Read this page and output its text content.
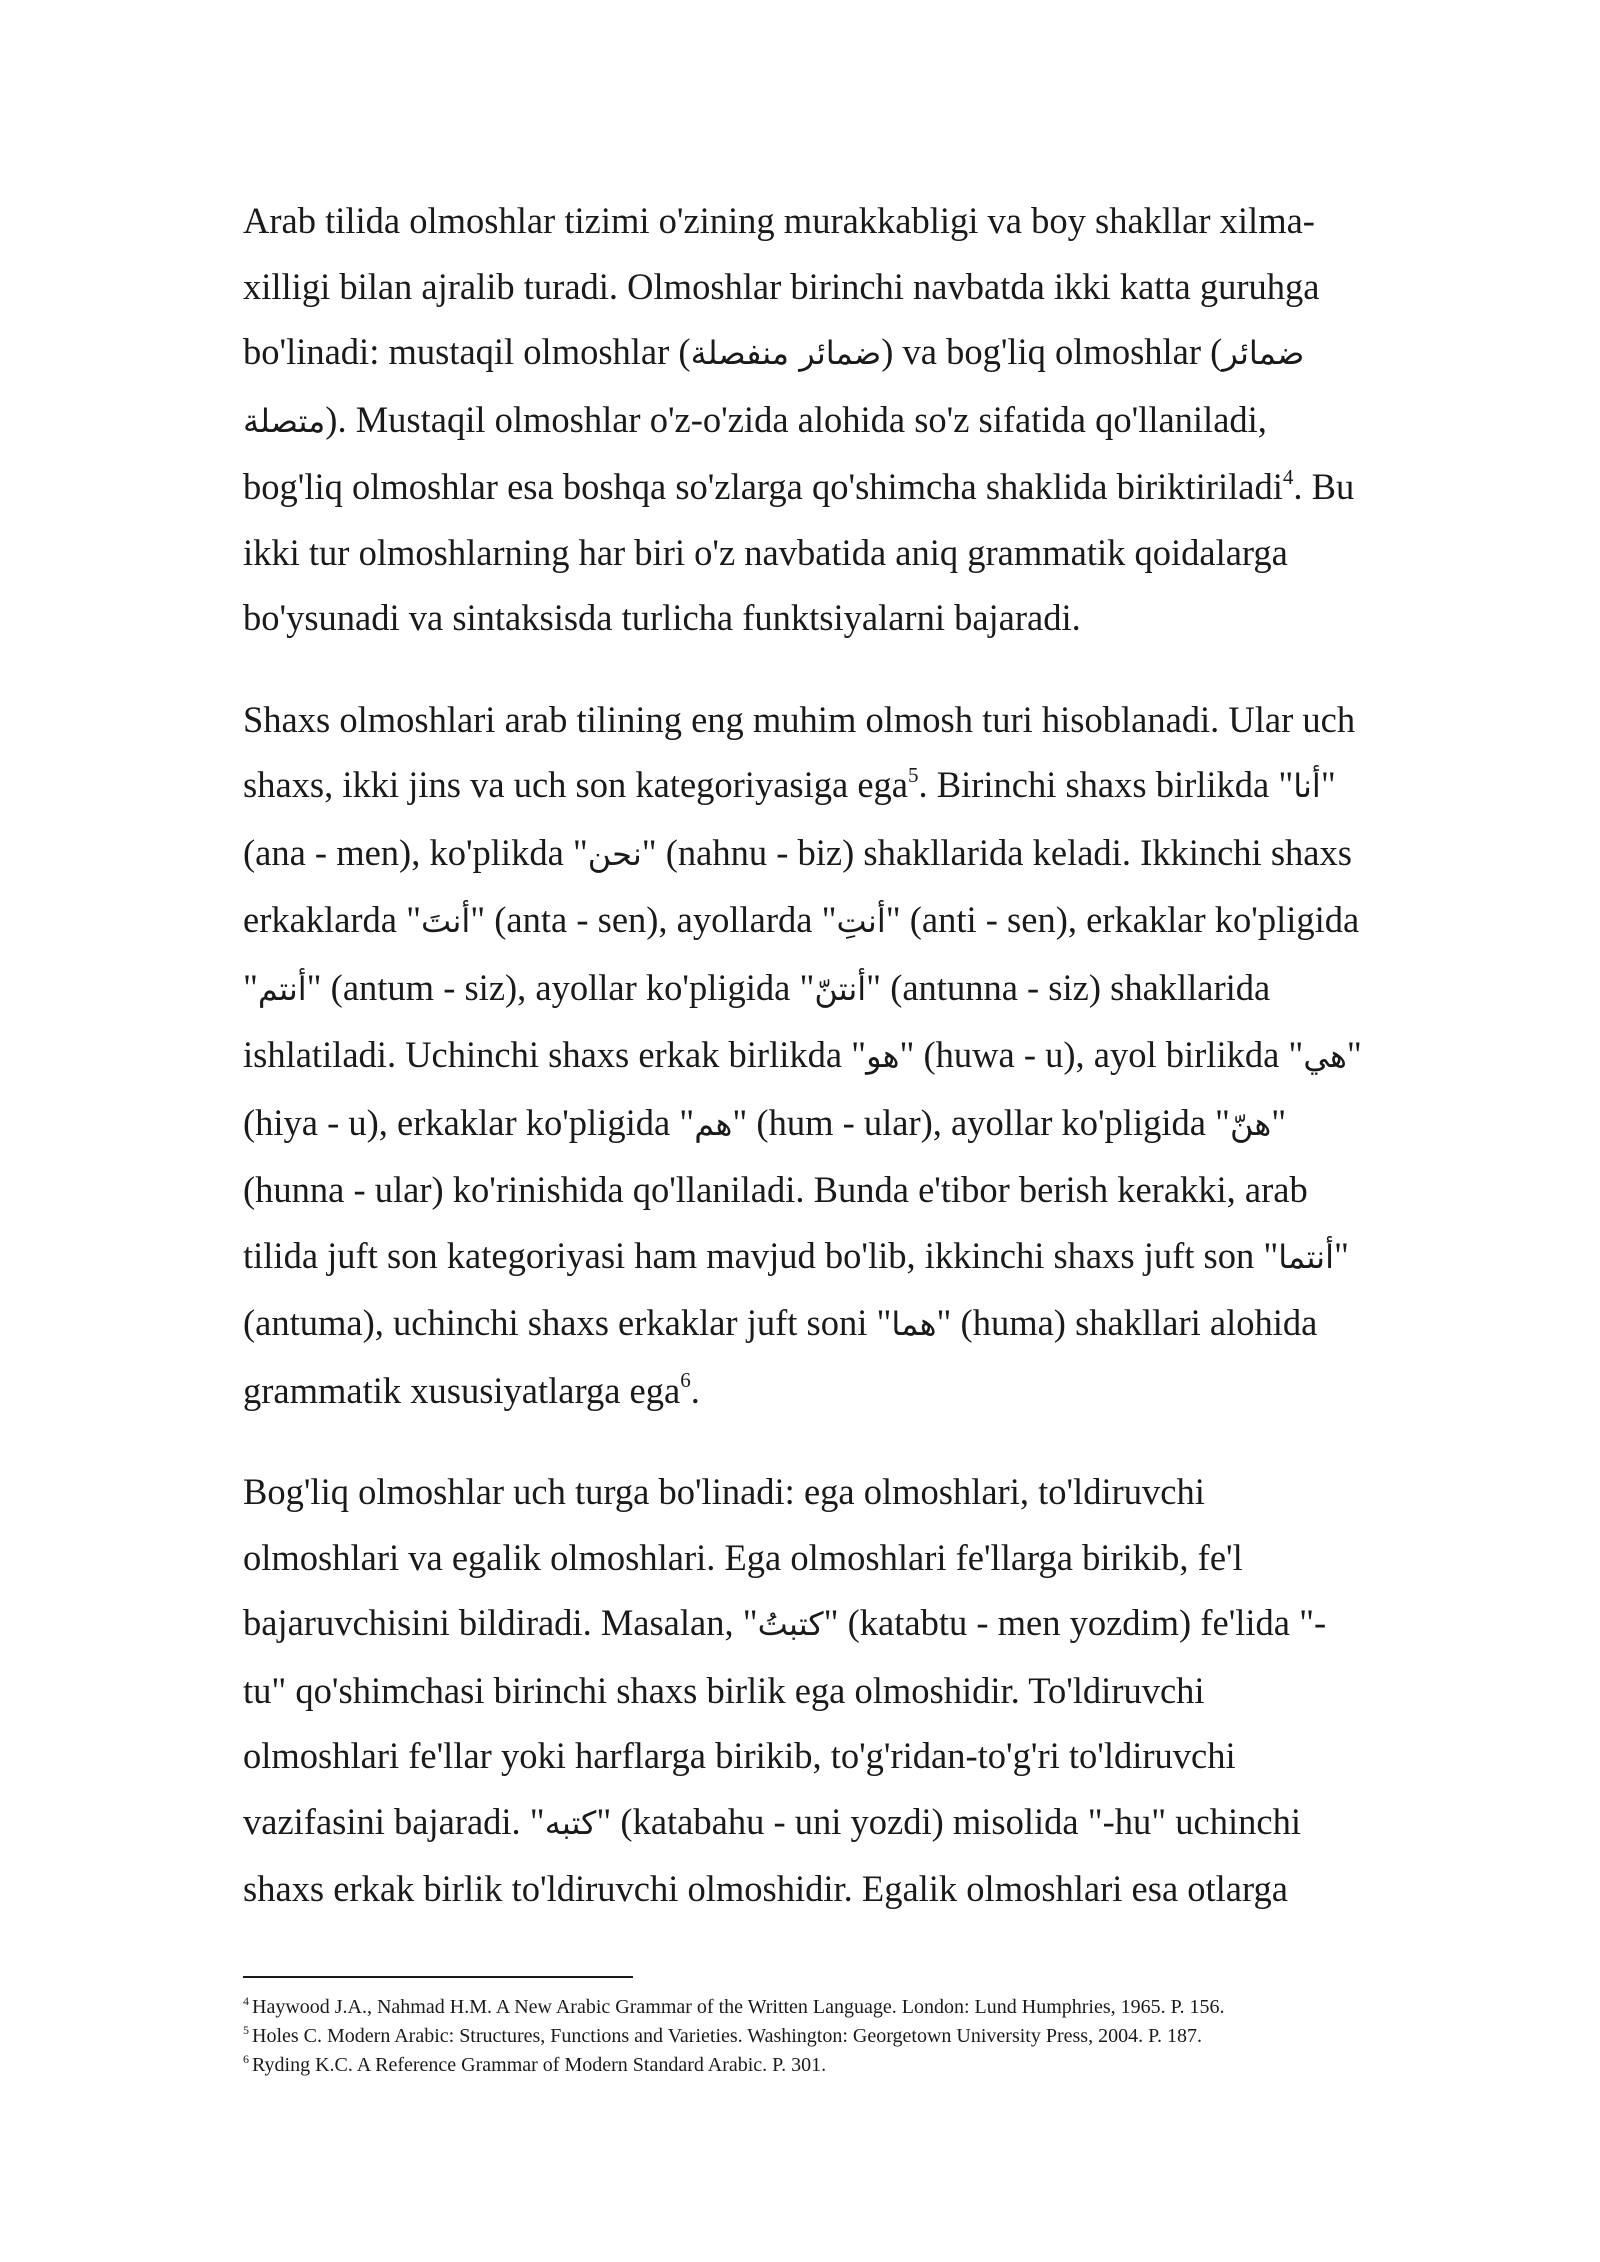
Arab tilida olmoshlar tizimi o'zining murakkabligi va boy shakllar xilma-xilligi bilan ajralib turadi. Olmoshlar birinchi navbatda ikki katta guruhga bo'linadi: mustaqil olmoshlar (ضمائر منفصلة) va bog'liq olmoshlar (ضمائر متصلة). Mustaqil olmoshlar o'z-o'zida alohida so'z sifatida qo'llaniladi, bog'liq olmoshlar esa boshqa so'zlarga qo'shimcha shaklida biriktiriladi$^4$. Bu ikki tur olmoshlarning har biri o'z navbatida aniq grammatik qoidalarga bo'ysunadi va sintaksisda turlicha funktsiyalarni bajaradi.

Shaxs olmoshlari arab tilining eng muhim olmosh turi hisoblanadi. Ular uch shaxs, ikki jins va uch son kategoriyasiga ega$^5$. Birinchi shaxs birlikda "أنا" (ana - men), ko'plikda "نحن" (nahnu - biz) shakllarida keladi. Ikkinchi shaxs erkaklarda "أنتَ" (anta - sen), ayollarda "أنتِ" (anti - sen), erkaklar ko'pligida "أنتم" (antum - siz), ayollar ko'pligida "أنتنّ" (antunna - siz) shakllarida ishlatiladi. Uchinchi shaxs erkak birlikda "هو" (huwa - u), ayol birlikda "هي" (hiya - u), erkaklar ko'pligida "هم" (hum - ular), ayollar ko'pligida "هنّ" (hunna - ular) ko'rinishida qo'llaniladi. Bunda e'tibor berish kerakki, arab tilida juft son kategoriyasi ham mavjud bo'lib, ikkinchi shaxs juft son "أنتما" (antuma), uchinchi shaxs erkaklar juft soni "هما" (huma) shakllari alohida grammatik xususiyatlarga ega$^6$.

Bog'liq olmoshlar uch turga bo'linadi: ega olmoshlari, to'ldiruvchi olmoshlari va egalik olmoshlari. Ega olmoshlari fe'llarga birikib, fe'l bajaruvchisini bildiradi. Masalan, "كتبتُ" (katabtu - men yozdim) fe'lida "-tu" qo'shimchasi birinchi shaxs birlik ega olmoshidir. To'ldiruvchi olmoshlari fe'llar yoki harflarga birikib, to'g'ridan-to'g'ri to'ldiruvchi vazifasini bajaradi. "كتبه" (katabahu - uni yozdi) misolida "-hu" uchinchi shaxs erkak birlik to'ldiruvchi olmoshidir. Egalik olmoshlari esa otlarga

$^4$ Haywood J.A., Nahmad H.M. A New Arabic Grammar of the Written Language. London: Lund Humphries, 1965. P. 156.

$^5$ Holes C. Modern Arabic: Structures, Functions and Varieties. Washington: Georgetown University Press, 2004. P. 187.

$^6$ Ryding K.C. A Reference Grammar of Modern Standard Arabic. P. 301.
